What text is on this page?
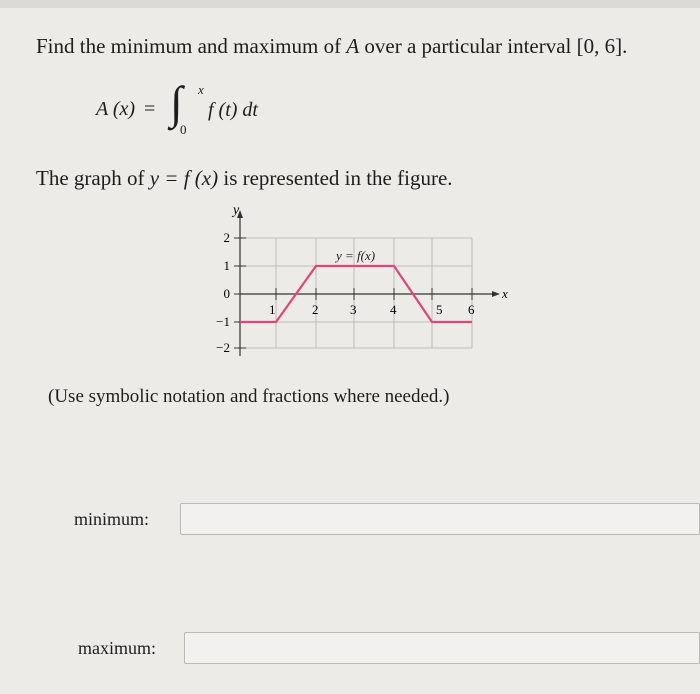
Find the minimum and maximum of A over a particular interval [0, 6].
A (x) = ∫ x
0
f (t) dt
The graph of y = f (x) is represented in the figure.
y
x
y = f(x)
2
1
0
−1
−2
1	2 3	4	5 6
(Use symbolic notation and fractions where needed.)
minimum:
maximum:
